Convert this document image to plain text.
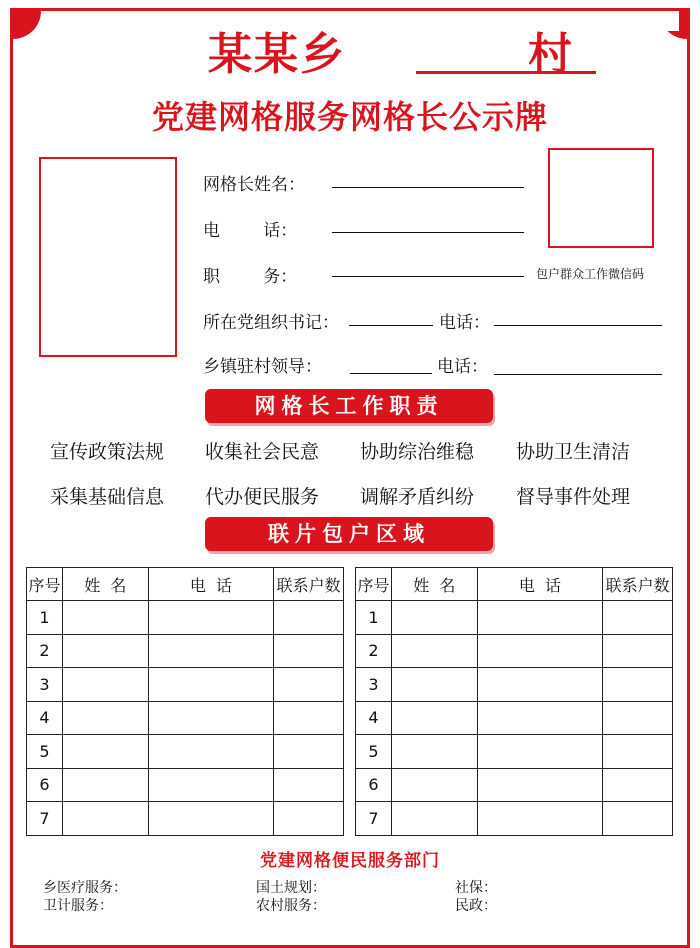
某某乡	村
党建网格服务网格长公示牌
包户群众工作微信码
网格长姓名：
电        话：
职        务：
所在党组织书记：	电话：
乡镇驻村领导：	电话：
网格长工作职责
宣传政策法规 收集社会民意 协助综治维稳 协助卫生清洁
采集基础信息 代办便民服务 调解矛盾纠纷 督导事件处理
联片包户区域
序号	姓  名	电  话	联系户数
1			
2			
3			
4			
5			
6			
7			
序号	姓  名	电  话	联系户数
1			
2			
3			
4			
5			
6			
7			
党建网格便民服务部门
乡医疗服务：	国土规划：	社保：
卫计服务：	农村服务：	民政：
